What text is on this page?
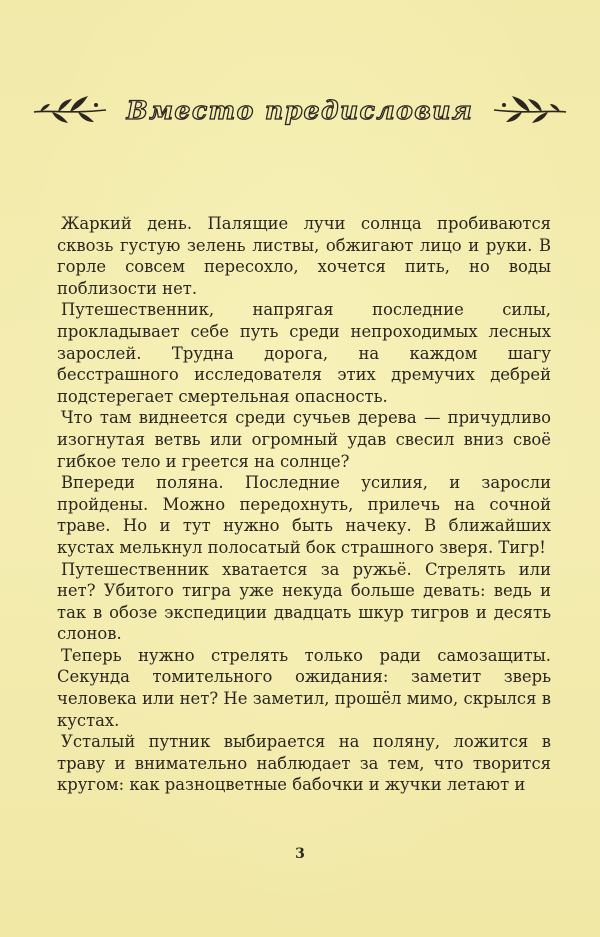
Вместо предисловия

Жаркий день. Палящие лучи солнца пробиваются сквозь густую зелень листвы, обжигают лицо и руки. В горле совсем пересохло, хочется пить, но воды поблизости нет.

Путешественник, напрягая последние силы, прокладывает себе путь среди непроходимых лесных зарослей. Трудна дорога, на каждом шагу бесстрашного исследователя этих дремучих дебрей подстерегает смертельная опасность.

Что там виднеется среди сучьев дерева — причудливо изогнутая ветвь или огромный удав свесил вниз своё гибкое тело и греется на солнце?

Впереди поляна. Последние усилия, и заросли пройдены. Можно передохнуть, прилечь на сочной траве. Но и тут нужно быть начеку. В ближайших кустах мелькнул полосатый бок страшного зверя. Тигр!

Путешественник хватается за ружьё. Стрелять или нет? Убитого тигра уже некуда больше девать: ведь и так в обозе экспедиции двадцать шкур тигров и десять слонов.

Теперь нужно стрелять только ради самозащиты. Секунда томительного ожидания: заметит зверь человека или нет? Не заметил, прошёл мимо, скрылся в кустах.

Усталый путник выбирается на поляну, ложится в траву и внимательно наблюдает за тем, что творится кругом: как разноцветные бабочки и жучки летают и

3
